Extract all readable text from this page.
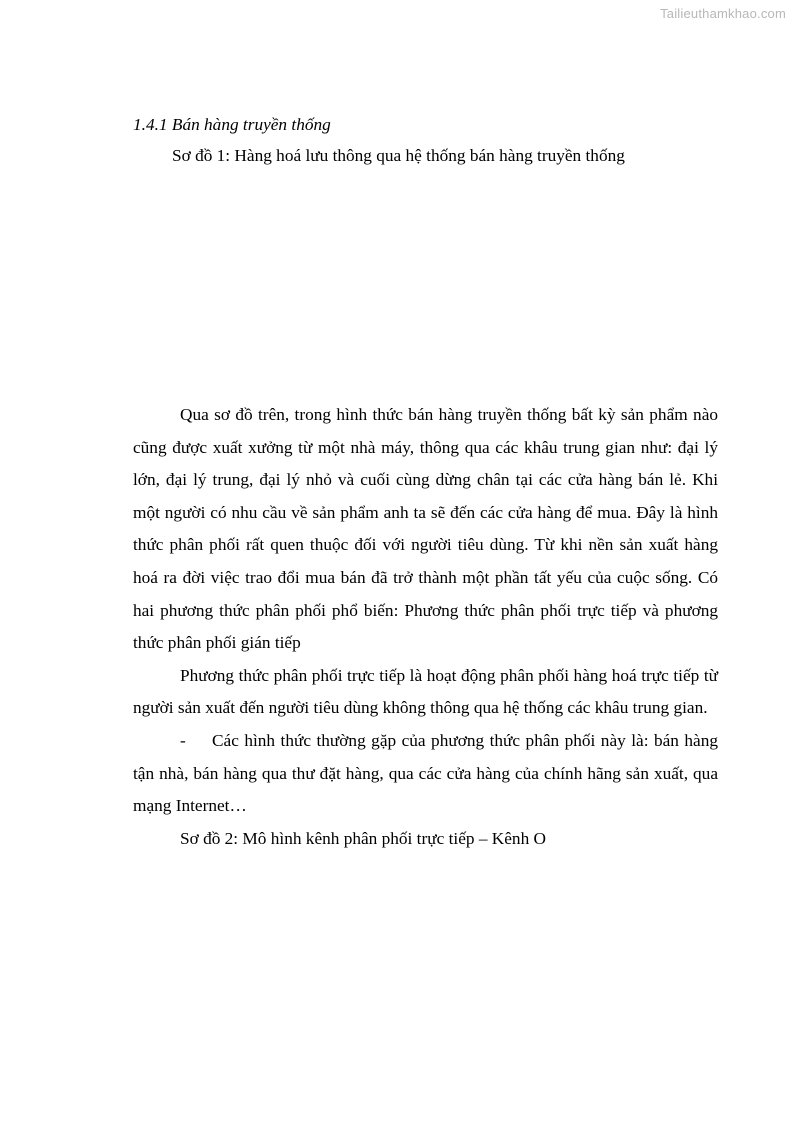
Tailieuthamkhao.com

1.4.1 Bán hàng truyền thống

Sơ đồ 1: Hàng hoá lưu thông qua hệ thống bán hàng truyền thống

Qua sơ đồ trên, trong hình thức bán hàng truyền thống bất kỳ sản phẩm nào cũng được xuất xưởng từ một nhà máy, thông qua các khâu trung gian như: đại lý lớn, đại lý trung, đại lý nhỏ và cuối cùng dừng chân tại các cửa hàng bán lẻ. Khi một người có nhu cầu về sản phẩm anh ta sẽ đến các cửa hàng để mua. Đây là hình thức phân phối rất quen thuộc đối với người tiêu dùng. Từ khi nền sản xuất hàng hoá ra đời việc trao đổi mua bán đã trở thành một phần tất yếu của cuộc sống. Có hai phương thức phân phối phổ biến: Phương thức phân phối trực tiếp và phương thức phân phối gián tiếp

Phương thức phân phối trực tiếp là hoạt động phân phối hàng hoá trực tiếp từ người sản xuất đến người tiêu dùng không thông qua hệ thống các khâu trung gian.

- Các hình thức thường gặp của phương thức phân phối này là: bán hàng tận nhà, bán hàng qua thư đặt hàng, qua các cửa hàng của chính hãng sản xuất, qua mạng Internet…

Sơ đồ 2: Mô hình kênh phân phối trực tiếp – Kênh O
